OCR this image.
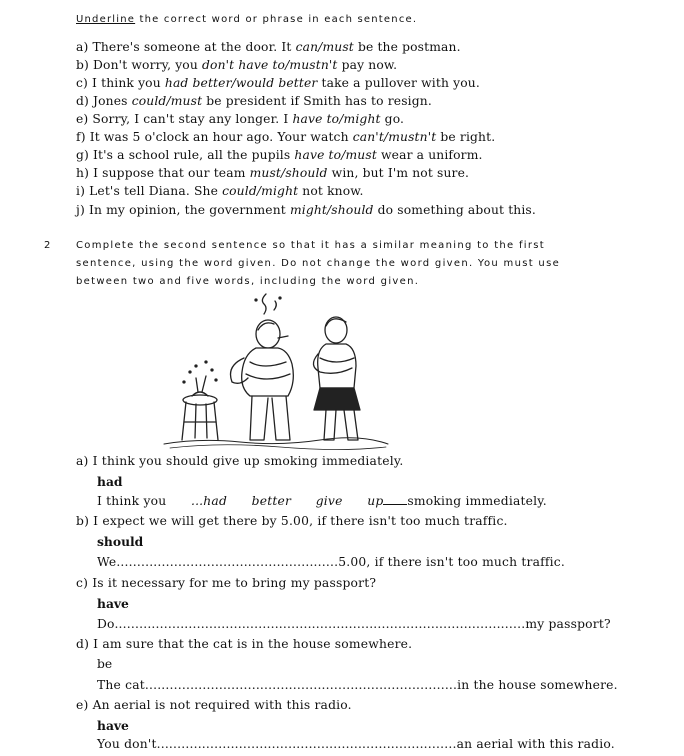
Underline the correct word or phrase in each sentence.
a) There's someone at the door. It can/must be the postman.
b) Don't worry, you don't have to/mustn't pay now.
c) I think you had better/would better take a pullover with you.
d) Jones could/must be president if Smith has to resign.
e) Sorry, I can't stay any longer. I have to/might go.
f) It was 5 o'clock an hour ago. Your watch can't/mustn't be right.
g) It's a school rule, all the pupils have to/must wear a uniform.
h) I suppose that our team must/should win, but I'm not sure.
i) Let's tell Diana. She could/might not know.
j) In my opinion, the government might/should do something about this.
2	Complete the second sentence so that it has a similar meaning to the first
sentence, using the word given. Do not change the word given. You must use
between two and five words, including the word given.
a) I think you should give up smoking immediately.
had
I think you ...had      better      give      up smoking immediately.
b) I expect we will get there by 5.00, if there isn't too much traffic.
should
We......................................................5.00, if there isn't too much traffic.
c) Is it necessary for me to bring my passport?
have
Do....................................................................................................my passport?
d) I am sure that the cat is in the house somewhere.
be
The cat............................................................................in the house somewhere.
e) An aerial is not required with this radio.
have
You don't.........................................................................an aerial with this radio.
